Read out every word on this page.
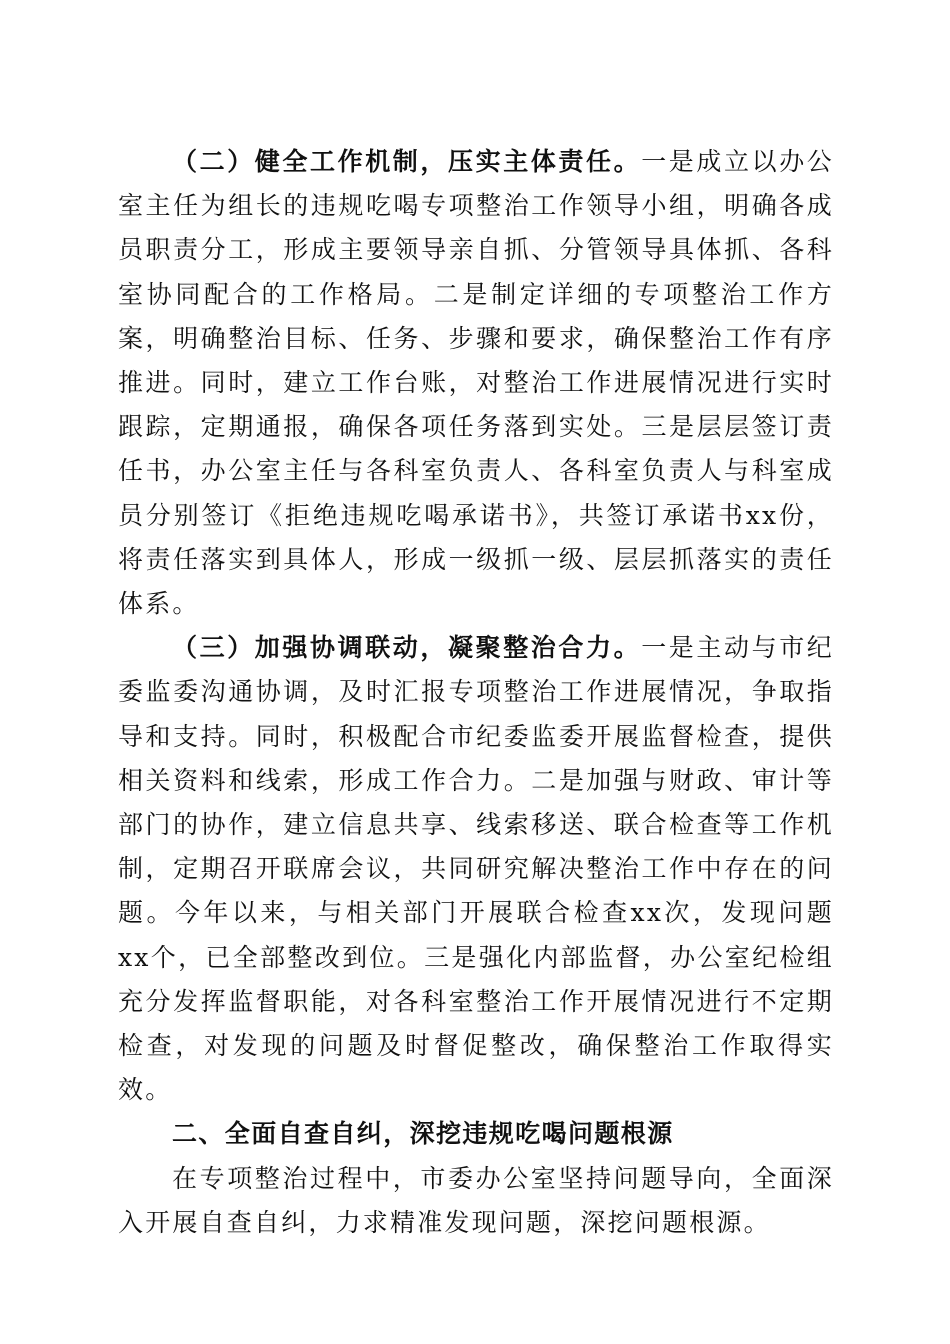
（二）健全工作机制，压实主体责任。一是成立以办公室主任为组长的违规吃喝专项整治工作领导小组，明确各成员职责分工，形成主要领导亲自抓、分管领导具体抓、各科室协同配合的工作格局。二是制定详细的专项整治工作方案，明确整治目标、任务、步骤和要求，确保整治工作有序推进。同时，建立工作台账，对整治工作进展情况进行实时跟踪，定期通报，确保各项任务落到实处。三是层层签订责任书，办公室主任与各科室负责人、各科室负责人与科室成员分别签订《拒绝违规吃喝承诺书》，共签订承诺书xx份，将责任落实到具体人，形成一级抓一级、层层抓落实的责任体系。

（三）加强协调联动，凝聚整治合力。一是主动与市纪委监委沟通协调，及时汇报专项整治工作进展情况，争取指导和支持。同时，积极配合市纪委监委开展监督检查，提供相关资料和线索，形成工作合力。二是加强与财政、审计等部门的协作，建立信息共享、线索移送、联合检查等工作机制，定期召开联席会议，共同研究解决整治工作中存在的问题。今年以来，与相关部门开展联合检查xx次，发现问题xx个，已全部整改到位。三是强化内部监督，办公室纪检组充分发挥监督职能，对各科室整治工作开展情况进行不定期检查，对发现的问题及时督促整改，确保整治工作取得实效。

二、全面自查自纠，深挖违规吃喝问题根源

在专项整治过程中，市委办公室坚持问题导向，全面深入开展自查自纠，力求精准发现问题，深挖问题根源。
